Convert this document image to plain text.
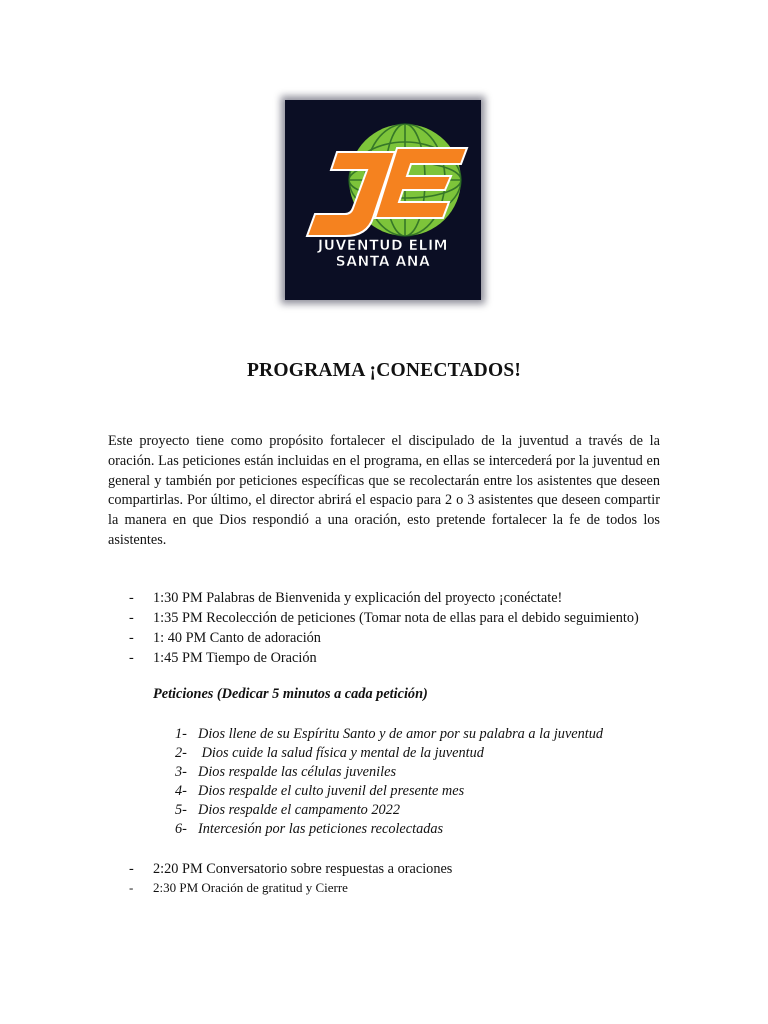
JUVENTUD ELIM
SANTA ANA
PROGRAMA ¡CONECTADOS!

Este proyecto tiene como propósito fortalecer el discipulado de la juventud a través de la oración. Las peticiones están incluidas en el programa, en ellas se intercederá por la juventud en general y también por peticiones específicas que se recolectarán entre los asistentes que deseen compartirlas. Por último, el director abrirá el espacio para 2 o 3 asistentes que deseen compartir la manera en que Dios respondió a una oración, esto pretende fortalecer la fe de todos los asistentes.

- 1:30 PM Palabras de Bienvenida y explicación del proyecto ¡conéctate!
- 1:35 PM Recolección de peticiones (Tomar nota de ellas para el debido seguimiento)
- 1: 40 PM Canto de adoración
- 1:45 PM Tiempo de Oración
Peticiones (Dedicar 5 minutos a cada petición)
1- Dios llene de su Espíritu Santo y de amor por su palabra a la juventud
2- Dios cuide la salud física y mental de la juventud
3- Dios respalde las células juveniles
4- Dios respalde el culto juvenil del presente mes
5- Dios respalde el campamento 2022
6- Intercesión por las peticiones recolectadas
- 2:20 PM Conversatorio sobre respuestas a oraciones
- 2:30 PM Oración de gratitud y Cierre
